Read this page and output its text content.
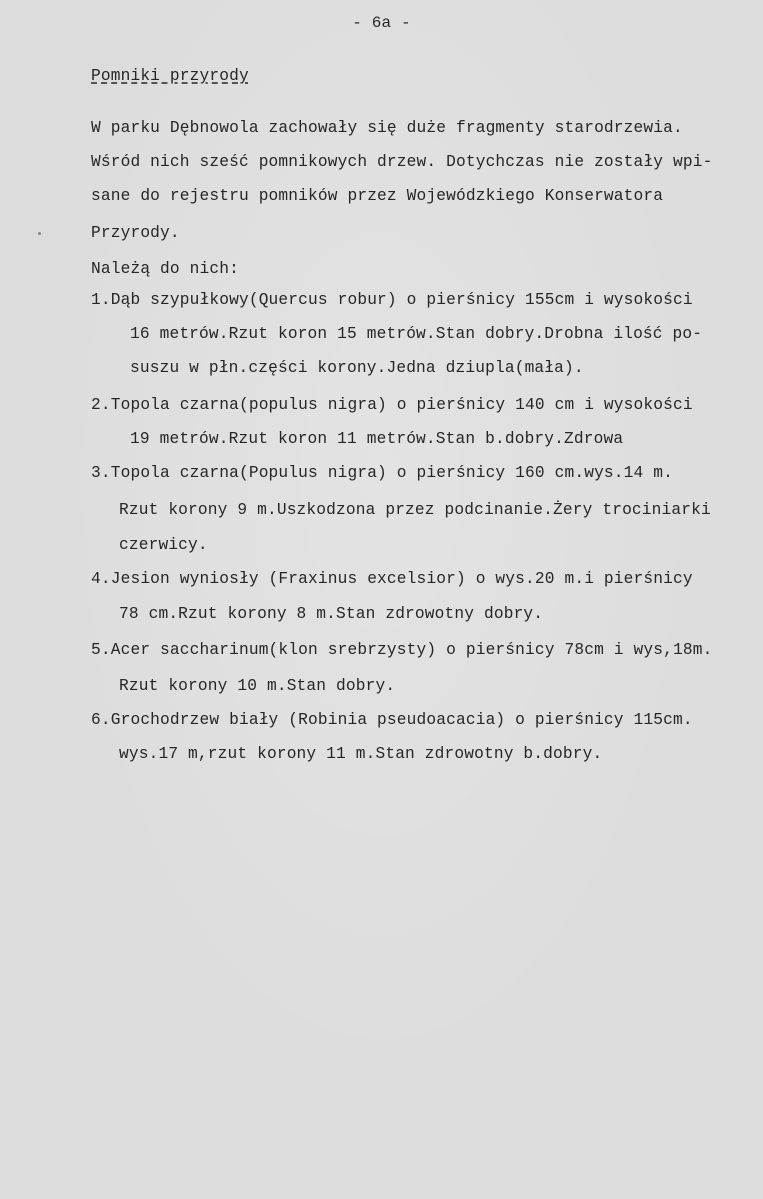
- 6a -
Pomniki przyrody
W parku Dębnowola zachowały się duże fragmenty starodrzewia.
Wśród nich sześć pomnikowych drzew. Dotychczas nie zostały wpi-
sane do rejestru pomników przez Wojewódzkiego Konserwatora
Przyrody.
Należą do nich:
1.Dąb szypułkowy(Quercus robur) o pierśnicy 155cm i wysokości
16 metrów.Rzut koron 15 metrów.Stan dobry.Drobna ilość po-
suszu w płn.części korony.Jedna dziupla(mała).
2.Topola czarna(populus nigra) o pierśnicy 140 cm i wysokości
19 metrów.Rzut koron 11 metrów.Stan b.dobry.Zdrowa
3.Topola czarna(Populus nigra) o pierśnicy 160 cm.wys.14 m.
Rzut korony 9 m.Uszkodzona przez podcinanie.Żery trociniarki
czerwicy.
4.Jesion wyniosły (Fraxinus excelsior) o wys.20 m.i pierśnicy
78 cm.Rzut korony 8 m.Stan zdrowotny dobry.
5.Acer saccharinum(klon srebrzysty) o pierśnicy 78cm i wys,18m.
Rzut korony 10 m.Stan dobry.
6.Grochodrzew biały (Robinia pseudoacacia) o pierśnicy 115cm.
wys.17 m,rzut korony 11 m.Stan zdrowotny b.dobry.
